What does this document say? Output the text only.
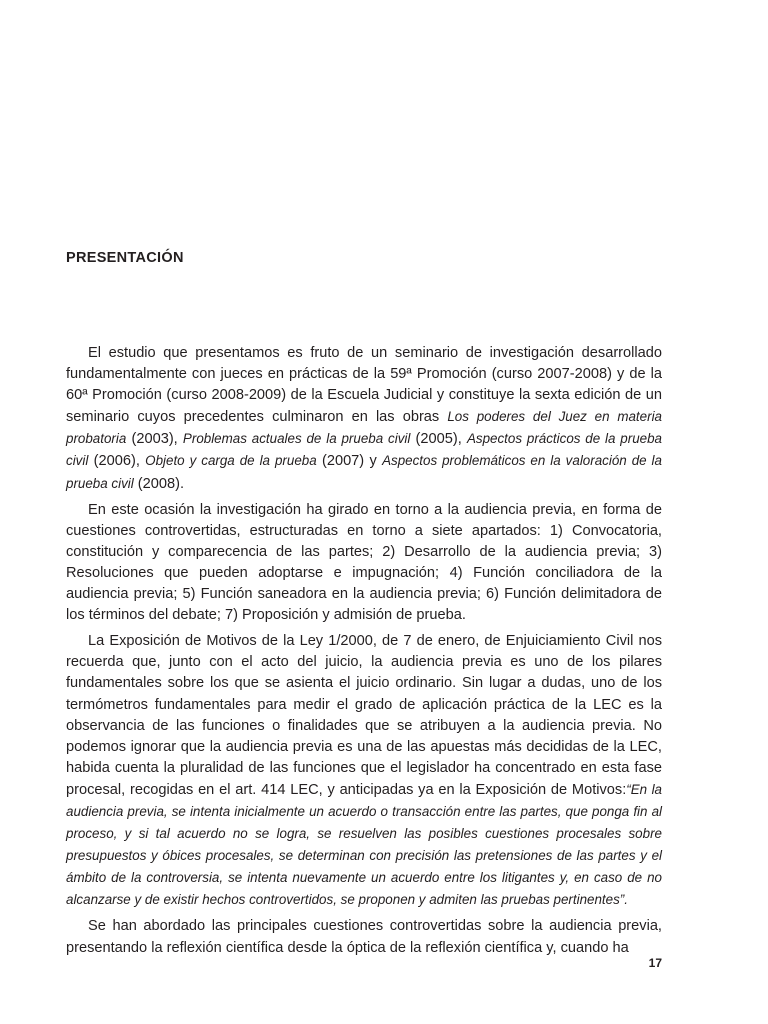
PRESENTACIÓN

El estudio que presentamos es fruto de un seminario de investigación desarrollado fundamentalmente con jueces en prácticas de la 59ª Promoción (curso 2007-2008) y de la 60ª Promoción (curso 2008-2009) de la Escuela Judicial y constituye la sexta edición de un seminario cuyos precedentes culminaron en las obras Los poderes del Juez en materia probatoria (2003), Problemas actuales de la prueba civil (2005), Aspectos prácticos de la prueba civil (2006), Objeto y carga de la prueba (2007) y Aspectos problemáticos en la valoración de la prueba civil (2008).

En este ocasión la investigación ha girado en torno a la audiencia previa, en forma de cuestiones controvertidas, estructuradas en torno a siete apartados: 1) Convocatoria, constitución y comparecencia de las partes; 2) Desarrollo de la audiencia previa; 3) Resoluciones que pueden adoptarse e impugnación; 4) Función conciliadora de la audiencia previa; 5) Función saneadora en la audiencia previa; 6) Función delimitadora de los términos del debate; 7) Proposición y admisión de prueba.

La Exposición de Motivos de la Ley 1/2000, de 7 de enero, de Enjuiciamiento Civil nos recuerda que, junto con el acto del juicio, la audiencia previa es uno de los pilares fundamentales sobre los que se asienta el juicio ordinario. Sin lugar a dudas, uno de los termómetros fundamentales para medir el grado de aplicación práctica de la LEC es la observancia de las funciones o finalidades que se atribuyen a la audiencia previa. No podemos ignorar que la audiencia previa es una de las apuestas más decididas de la LEC, habida cuenta la pluralidad de las funciones que el legislador ha concentrado en esta fase procesal, recogidas en el art. 414 LEC, y anticipadas ya en la Exposición de Motivos:“En la audiencia previa, se intenta inicialmente un acuerdo o transacción entre las partes, que ponga fin al proceso, y si tal acuerdo no se logra, se resuelven las posibles cuestiones procesales sobre presupuestos y óbices procesales, se determinan con precisión las pretensiones de las partes y el ámbito de la controversia, se intenta nuevamente un acuerdo entre los litigantes y, en caso de no alcanzarse y de existir hechos controvertidos, se proponen y admiten las pruebas pertinentes”.

Se han abordado las principales cuestiones controvertidas sobre la audiencia previa, presentando la reflexión científica desde la óptica de la reflexión científica y, cuando ha

17
